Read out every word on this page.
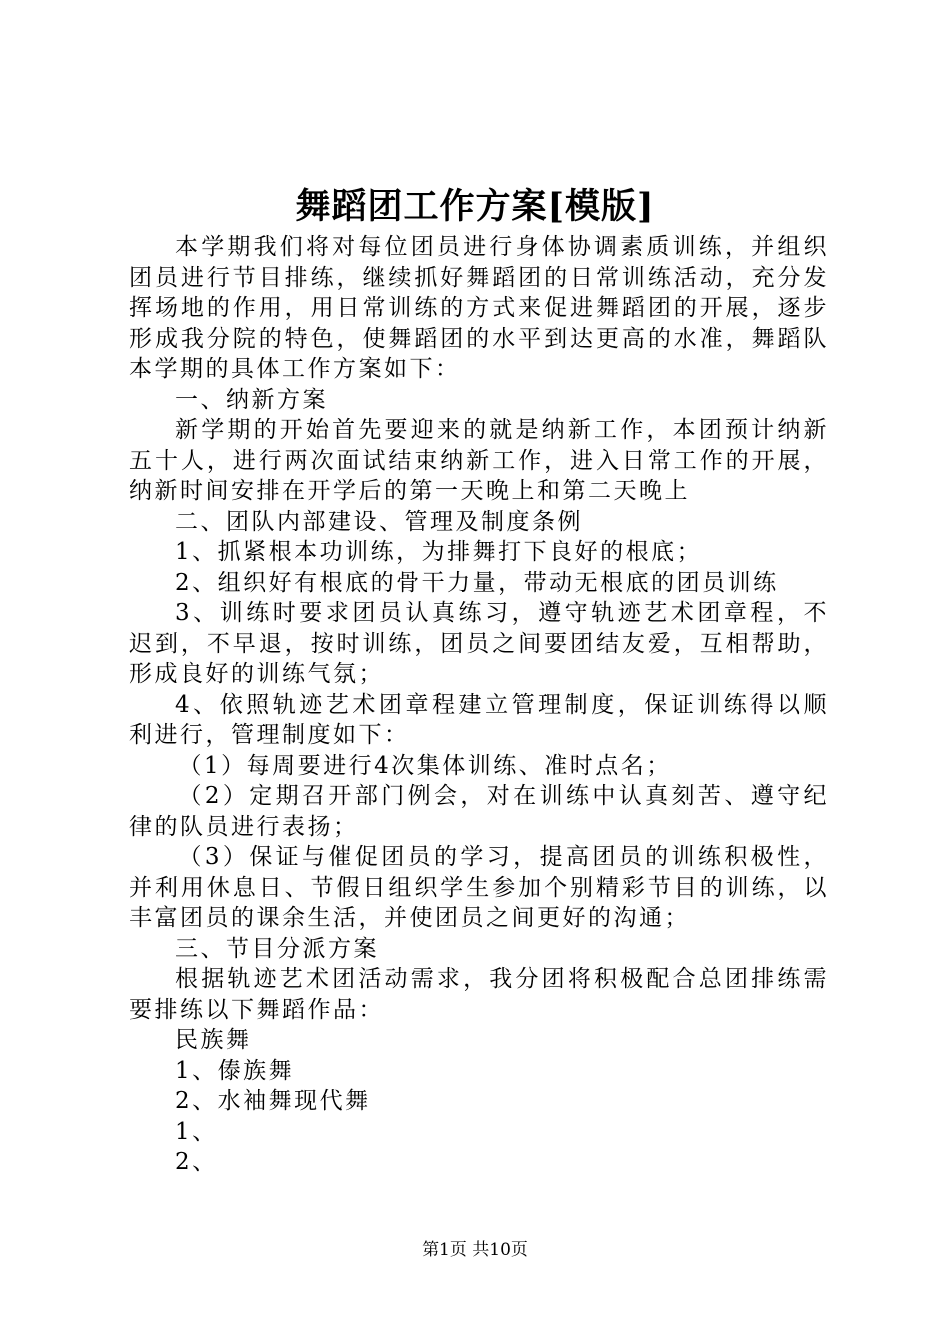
舞蹈团工作方案[模版]

本学期我们将对每位团员进行身体协调素质训练，并组织团员进行节目排练，继续抓好舞蹈团的日常训练活动，充分发挥场地的作用，用日常训练的方式来促进舞蹈团的开展，逐步形成我分院的特色，使舞蹈团的水平到达更高的水准，舞蹈队本学期的具体工作方案如下：

一、纳新方案

新学期的开始首先要迎来的就是纳新工作，本团预计纳新五十人，进行两次面试结束纳新工作，进入日常工作的开展，纳新时间安排在开学后的第一天晚上和第二天晚上

二、团队内部建设、管理及制度条例

1、抓紧根本功训练，为排舞打下良好的根底；

2、组织好有根底的骨干力量，带动无根底的团员训练

3、训练时要求团员认真练习，遵守轨迹艺术团章程，不迟到，不早退，按时训练，团员之间要团结友爱，互相帮助，形成良好的训练气氛；

4、依照轨迹艺术团章程建立管理制度，保证训练得以顺利进行，管理制度如下：

（1）每周要进行4次集体训练、准时点名；

（2）定期召开部门例会，对在训练中认真刻苦、遵守纪律的队员进行表扬；

（3）保证与催促团员的学习，提高团员的训练积极性，并利用休息日、节假日组织学生参加个别精彩节目的训练，以丰富团员的课余生活，并使团员之间更好的沟通；

三、节目分派方案

根据轨迹艺术团活动需求，我分团将积极配合总团排练需要排练以下舞蹈作品：

民族舞

1、傣族舞

2、水袖舞现代舞

1、

2、

第1页 共10页
